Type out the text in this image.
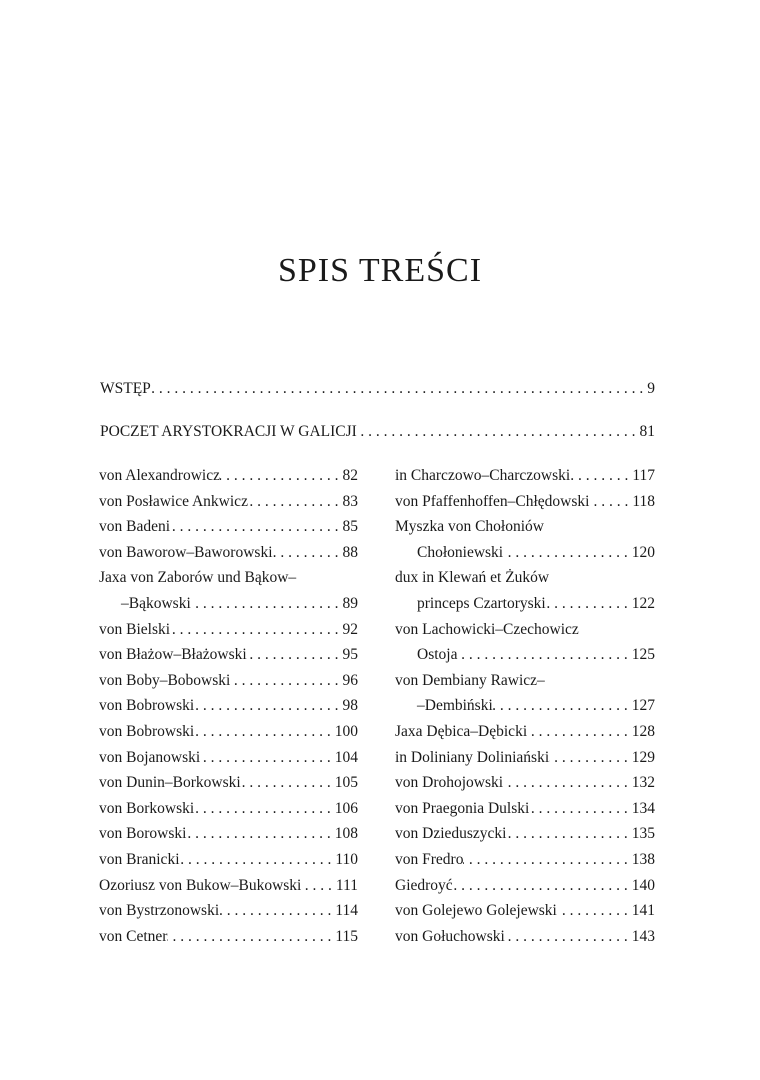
SPIS TREŚCI
WSTĘP . . .	9
POCZET ARYSTOKRACJI W GALICJI . . .	81
von Alexandrowicz . . .	82
von Posławice Ankwicz . . .	83
von Badeni . . .	85
von Baworow–Baworowski . . .	88
Jaxa von Zaborów und Bąkow–
–Bąkowski . . .	89
von Bielski . . .	92
von Błażow–Błażowski . . .	95
von Boby–Bobowski . . .	96
von Bobrowski . . .	98
von Bobrowski . . .	100
von Bojanowski . . .	104
von Dunin–Borkowski . . .	105
von Borkowski . . .	106
von Borowski . . .	108
von Branicki . . .	110
Ozoriusz von Bukow–Bukowski . . . 111
von Bystrzonowski . . .	114
von Cetner . . .	115
in Charczowo–Charczowski . . .	117
von Pfaffenhoffen–Chłędowski . . .	118
Myszka von Chołoniów
Chołoniewski . . .	120
dux in Klewań et Żuków
princeps Czartoryski . . .	122
von Lachowicki–Czechowicz
Ostoja . . .	125
von Dembiany Rawicz–
–Dembiński . . .	127
Jaxa Dębica–Dębicki . . .	128
in Doliniany Doliniański . . .	129
von Drohojowski . . .	132
von Praegonia Dulski . . .	134
von Dzieduszycki . . .	135
von Fredro . . .	138
Giedroyć . . .	140
von Golejewo Golejewski . . .	141
von Gołuchowski . . .	143
